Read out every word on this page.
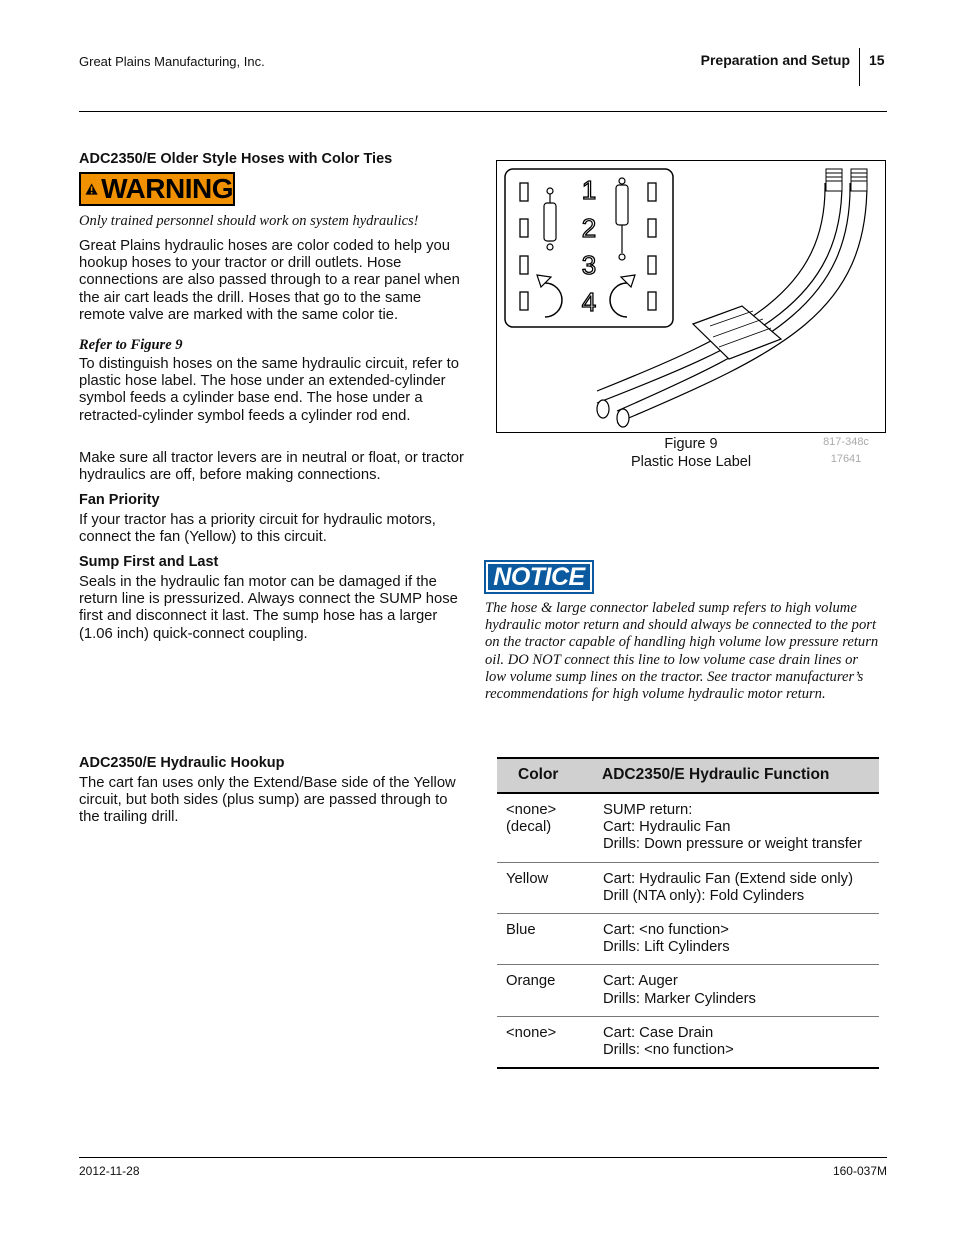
Great Plains Manufacturing, Inc.	Preparation and Setup 15

ADC2350/E Older Style Hoses with Color Ties

WARNING
Only trained personnel should work on system hydraulics!

Great Plains hydraulic hoses are color coded to help you hookup hoses to your tractor or drill outlets. Hose connections are also passed through to a rear panel when the air cart leads the drill. Hoses that go to the same remote valve are marked with the same color tie.

Refer to Figure 9

To distinguish hoses on the same hydraulic circuit, refer to plastic hose label. The hose under an extended-cylinder symbol feeds a cylinder base end. The hose under a retracted-cylinder symbol feeds a cylinder rod end.

Make sure all tractor levers are in neutral or float, or tractor hydraulics are off, before making connections.

Fan Priority

If your tractor has a priority circuit for hydraulic motors, connect the fan (Yellow) to this circuit.

Sump First and Last

Seals in the hydraulic fan motor can be damaged if the return line is pressurized. Always connect the SUMP hose first and disconnect it last. The sump hose has a larger (1.06 inch) quick-connect coupling.

ADC2350/E Hydraulic Hookup

The cart fan uses only the Extend/Base side of the Yellow circuit, but both sides (plus sump) are passed through to the trailing drill.

1
2
3
4
Figure 9
Plastic Hose Label
817-348c
17641
NOTICE

The hose & large connector labeled sump refers to high volume hydraulic motor return and should always be connected to the port on the tractor capable of handling high volume low pressure return oil. DO NOT connect this line to low volume case drain lines or low volume sump lines on the tractor. See tractor manufacturer’s recommendations for high volume hydraulic motor return.

Color	ADC2350/E Hydraulic Function

<none>
(decal)	SUMP return:
Cart: Hydraulic Fan
Drills: Down pressure or weight transfer

Yellow	Cart: Hydraulic Fan (Extend side only)
Drill (NTA only): Fold Cylinders

Blue	Cart: <no function>
Drills: Lift Cylinders

Orange	Cart: Auger
Drills: Marker Cylinders

<none>	Cart: Case Drain
Drills: <no function>
2012-11-28	160-037M
